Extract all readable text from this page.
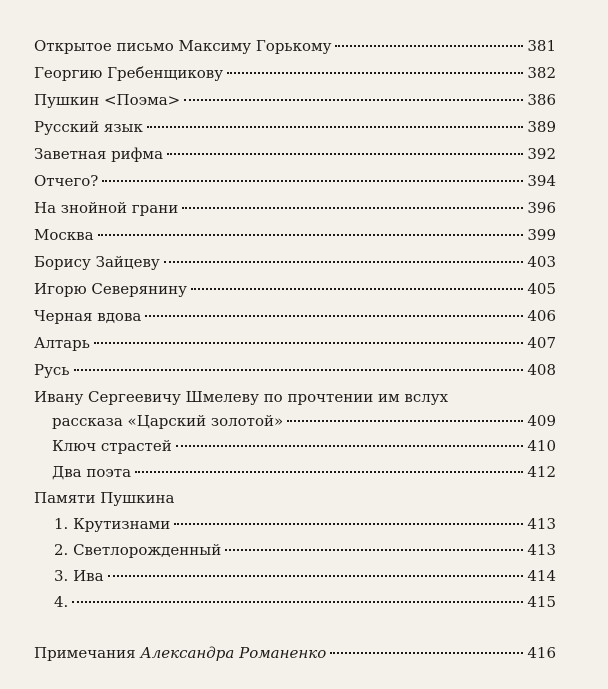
Открытое письмо Максиму Горькому	381
Георгию Гребенщикову	382
Пушкин <Поэма>	386
Русский язык	389
Заветная рифма	392
Отчего?	394
На знойной грани	396
Москва	399
Борису Зайцеву	403
Игорю Северянину	405
Черная вдова	406
Алтарь	407
Русь	408
Ивану Сергеевичу Шмелеву по прочтении им вслух
рассказа «Царский золотой»	409
Ключ страстей	410
Два поэта	412
Памяти Пушкина
1. Крутизнами	413
2. Светлорожденный	413
3. Ива	414
4.	415
Примечания Александра Романенко	416
